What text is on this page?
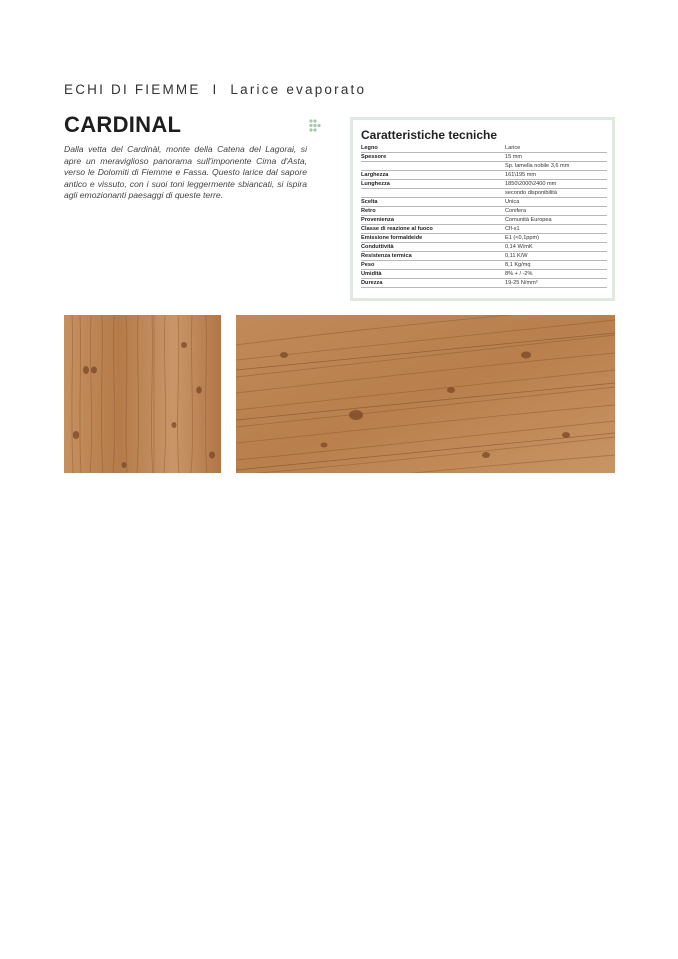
ECHI DI FIEMME I Larice evaporato
CARDINAL
Dalla vetta del Cardinàl, monte della Catena del Lagorai, si apre un meraviglioso panorama sull'imponente Cima d'Asta, verso le Dolomiti di Fiemme e Fassa. Questo larice dal sapore antico e vissuto, con i suoi toni leggermente sbiancati, si ispira agli emozionanti paesaggi di queste terre.
Caratteristiche tecniche
Legno	Larice
Spessore	15 mm
	Sp. lamella nobile 3,6 mm
Larghezza	161\195 mm
Lunghezza	1850\2000\2400 mm
	secondo disponibilità
Scelta	Unica
Retro	Conifera
Provenienza	Comunità Europea
Classe di reazione al fuoco	Cfl-s1
Emissione formaldeide	E1 (<0,1ppm)
Conduttività	0,14 W/mK
Resistenza termica	0,11 K/W
Peso	8,1 Kg/mq
Umidità	8% + / -2%
Durezza	19-25 N/mm²
